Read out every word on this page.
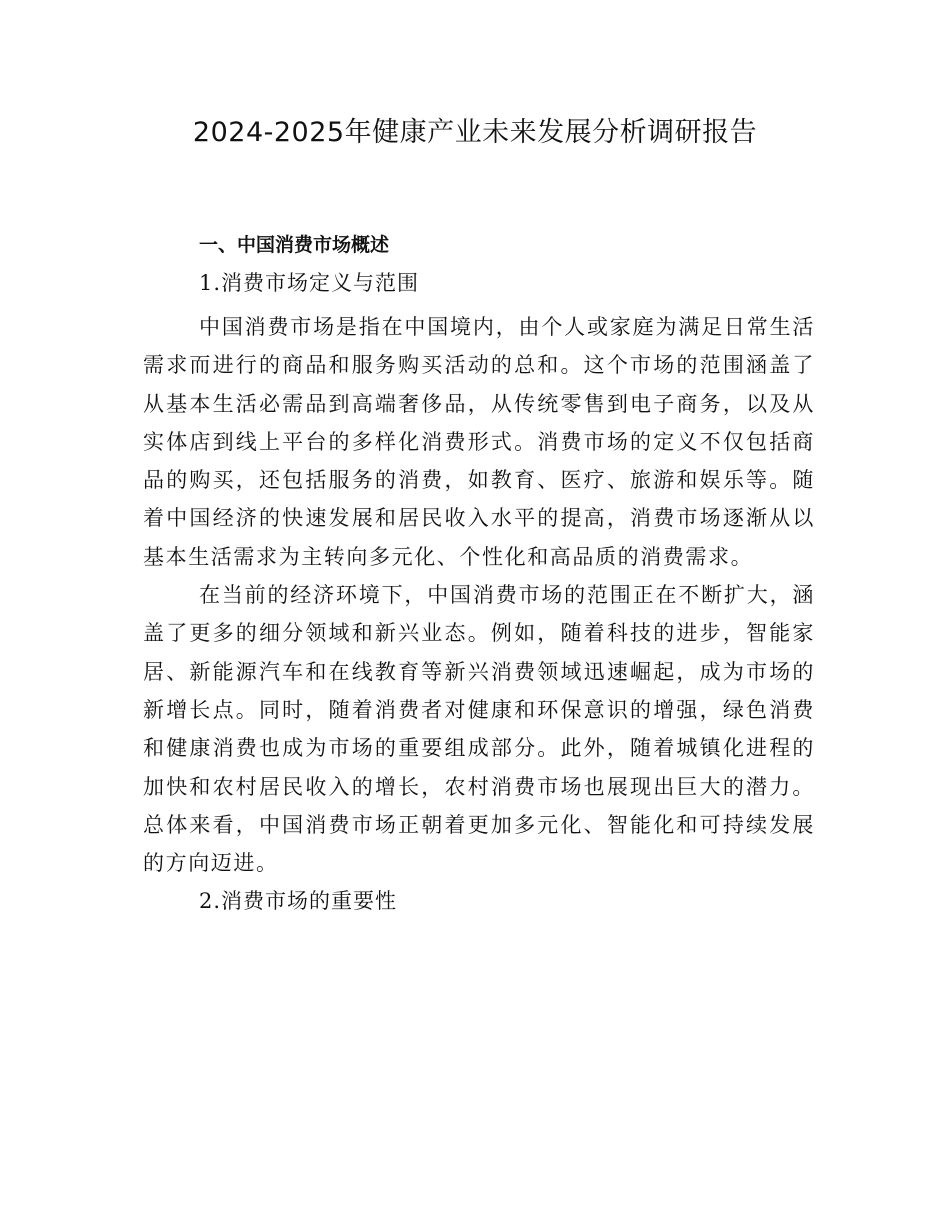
2024-2025年健康产业未来发展分析调研报告
一、中国消费市场概述
1.消费市场定义与范围

中国消费市场是指在中国境内，由个人或家庭为满足日常生活需求而进行的商品和服务购买活动的总和。这个市场的范围涵盖了从基本生活必需品到高端奢侈品，从传统零售到电子商务，以及从实体店到线上平台的多样化消费形式。消费市场的定义不仅包括商品的购买，还包括服务的消费，如教育、医疗、旅游和娱乐等。随着中国经济的快速发展和居民收入水平的提高，消费市场逐渐从以基本生活需求为主转向多元化、个性化和高品质的消费需求。

在当前的经济环境下，中国消费市场的范围正在不断扩大，涵盖了更多的细分领域和新兴业态。例如，随着科技的进步，智能家居、新能源汽车和在线教育等新兴消费领域迅速崛起，成为市场的新增长点。同时，随着消费者对健康和环保意识的增强，绿色消费和健康消费也成为市场的重要组成部分。此外，随着城镇化进程的加快和农村居民收入的增长，农村消费市场也展现出巨大的潜力。总体来看，中国消费市场正朝着更加多元化、智能化和可持续发展的方向迈进。

2.消费市场的重要性
